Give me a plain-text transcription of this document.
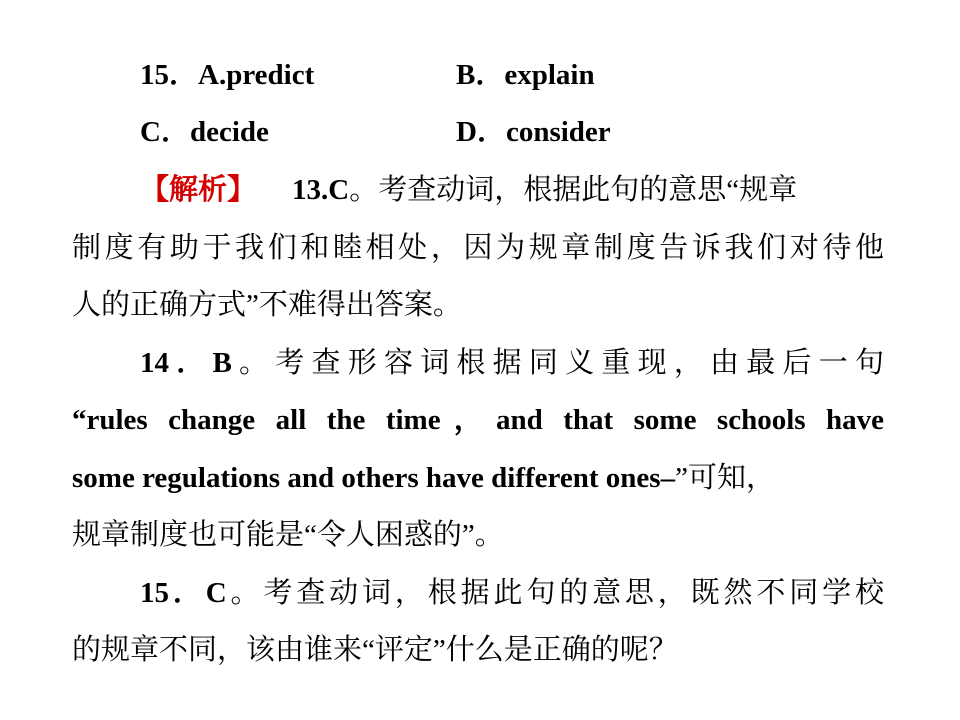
15．A.predict	B．explain
C．decide	D．consider
【解析】 13.C。考查动词，根据此句的意思“规章
制度有助于我们和睦相处，因为规章制度告诉我们对待他
人的正确方式”不难得出答案。
14．B。考查形容词根据同义重现，由最后一句
“rules change all the time，and that some schools have
some regulations and others have different ones–”可知，
规章制度也可能是“令人困惑的”。
15．C。考查动词，根据此句的意思，既然不同学校
的规章不同，该由谁来“评定”什么是正确的呢？
